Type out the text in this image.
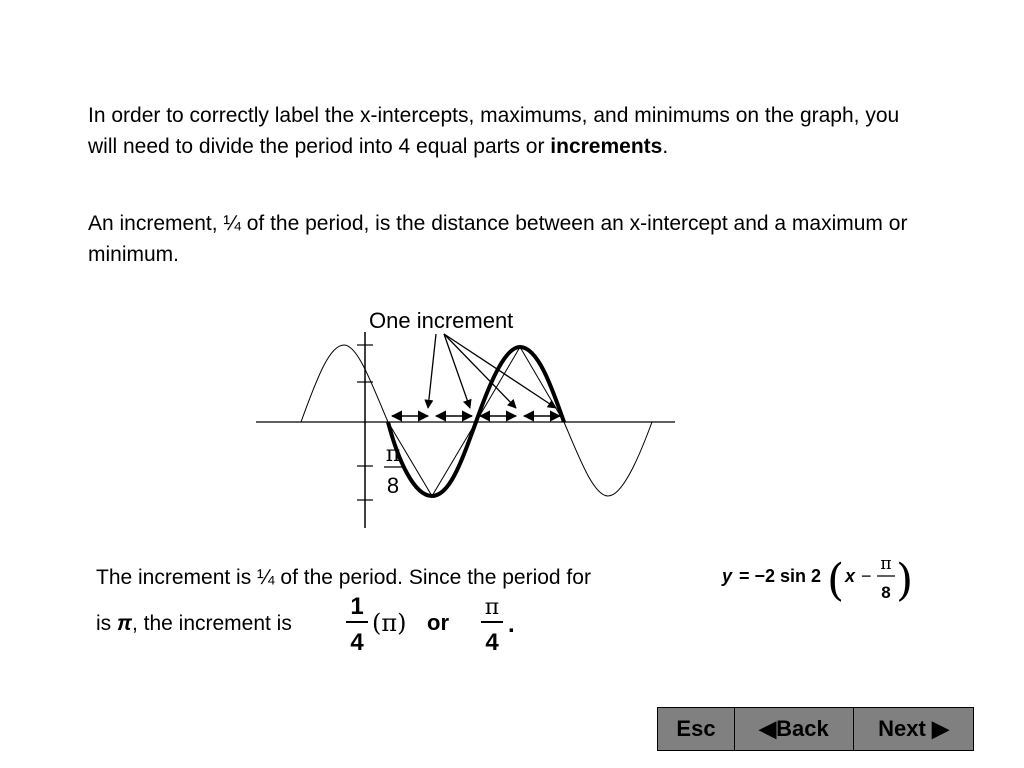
In order to correctly label the x-intercepts, maximums, and minimums on the graph, you will need to divide the period into 4 equal parts or increments.

An increment, ¼ of the period, is the distance between an x-intercept and a maximum or minimum.

One increment
π
8
The increment is ¼ of the period. Since the period for	y = −2 sin 2 ( x −
π
8 )
is π, the increment is
1
4
(π) or
π
4
.
Esc	◀Back	Next ▶
